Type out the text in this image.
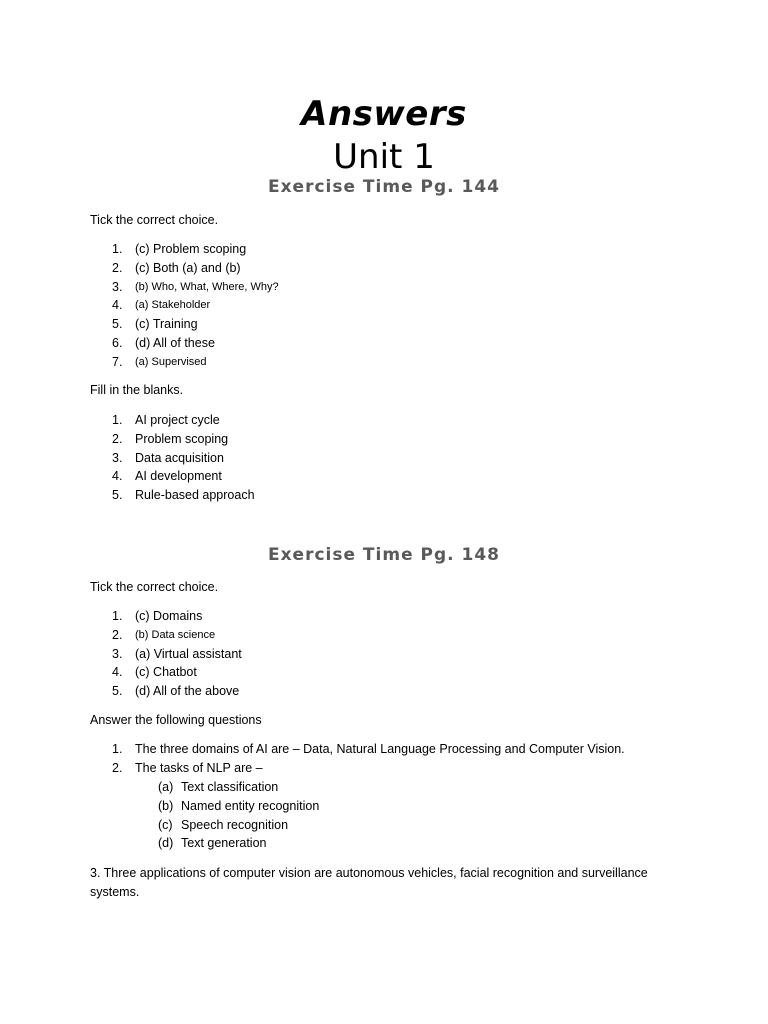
Answers
Unit 1
Exercise Time Pg. 144
Tick the correct choice.
1.	(c) Problem scoping
2.	(c) Both (a) and (b)
3.	(b) Who, What, Where, Why?
4.	(a) Stakeholder
5.	(c) Training
6.	(d) All of these
7.	(a) Supervised
Fill in the blanks.
1.	AI project cycle
2.	Problem scoping
3.	Data acquisition
4.	AI development
5.	Rule-based approach
Exercise Time Pg. 148
Tick the correct choice.
1.	(c) Domains
2.	(b) Data science
3.	(a) Virtual assistant
4.	(c) Chatbot
5.	(d) All of the above
Answer the following questions
1.	The three domains of AI are – Data, Natural Language Processing and Computer Vision.
2.	The tasks of NLP are –
(a) Text classification
(b) Named entity recognition
(c) Speech recognition
(d) Text generation
3. Three applications of computer vision are autonomous vehicles, facial recognition and surveillance systems.
